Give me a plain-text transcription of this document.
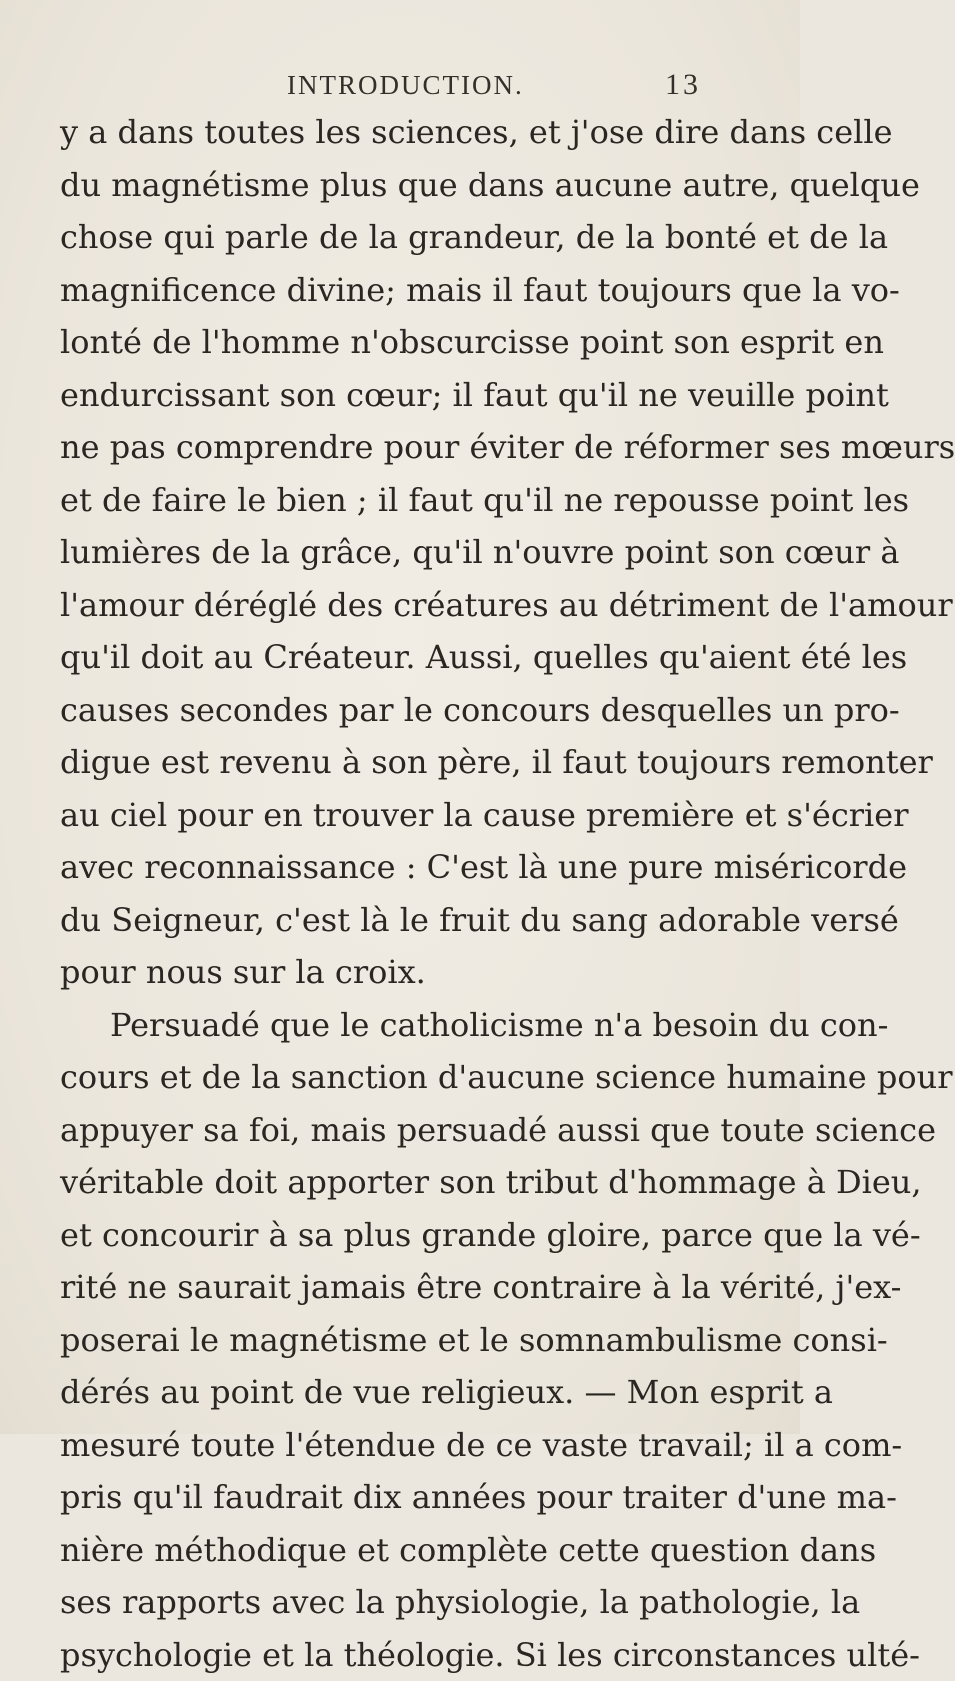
INTRODUCTION.	13
y a dans toutes les sciences, et j'ose dire dans celle
du magnétisme plus que dans aucune autre, quelque
chose qui parle de la grandeur, de la bonté et de la
magnificence divine; mais il faut toujours que la vo-
lonté de l'homme n'obscurcisse point son esprit en
endurcissant son cœur; il faut qu'il ne veuille point
ne pas comprendre pour éviter de réformer ses mœurs
et de faire le bien ; il faut qu'il ne repousse point les
lumières de la grâce, qu'il n'ouvre point son cœur à
l'amour déréglé des créatures au détriment de l'amour
qu'il doit au Créateur. Aussi, quelles qu'aient été les
causes secondes par le concours desquelles un pro-
digue est revenu à son père, il faut toujours remonter
au ciel pour en trouver la cause première et s'écrier
avec reconnaissance : C'est là une pure miséricorde
du Seigneur, c'est là le fruit du sang adorable versé
pour nous sur la croix.
Persuadé que le catholicisme n'a besoin du con-
cours et de la sanction d'aucune science humaine pour
appuyer sa foi, mais persuadé aussi que toute science
véritable doit apporter son tribut d'hommage à Dieu,
et concourir à sa plus grande gloire, parce que la vé-
rité ne saurait jamais être contraire à la vérité, j'ex-
poserai le magnétisme et le somnambulisme consi-
dérés au point de vue religieux. — Mon esprit a
mesuré toute l'étendue de ce vaste travail; il a com-
pris qu'il faudrait dix années pour traiter d'une ma-
nière méthodique et complète cette question dans
ses rapports avec la physiologie, la pathologie, la
psychologie et la théologie. Si les circonstances ulté-
